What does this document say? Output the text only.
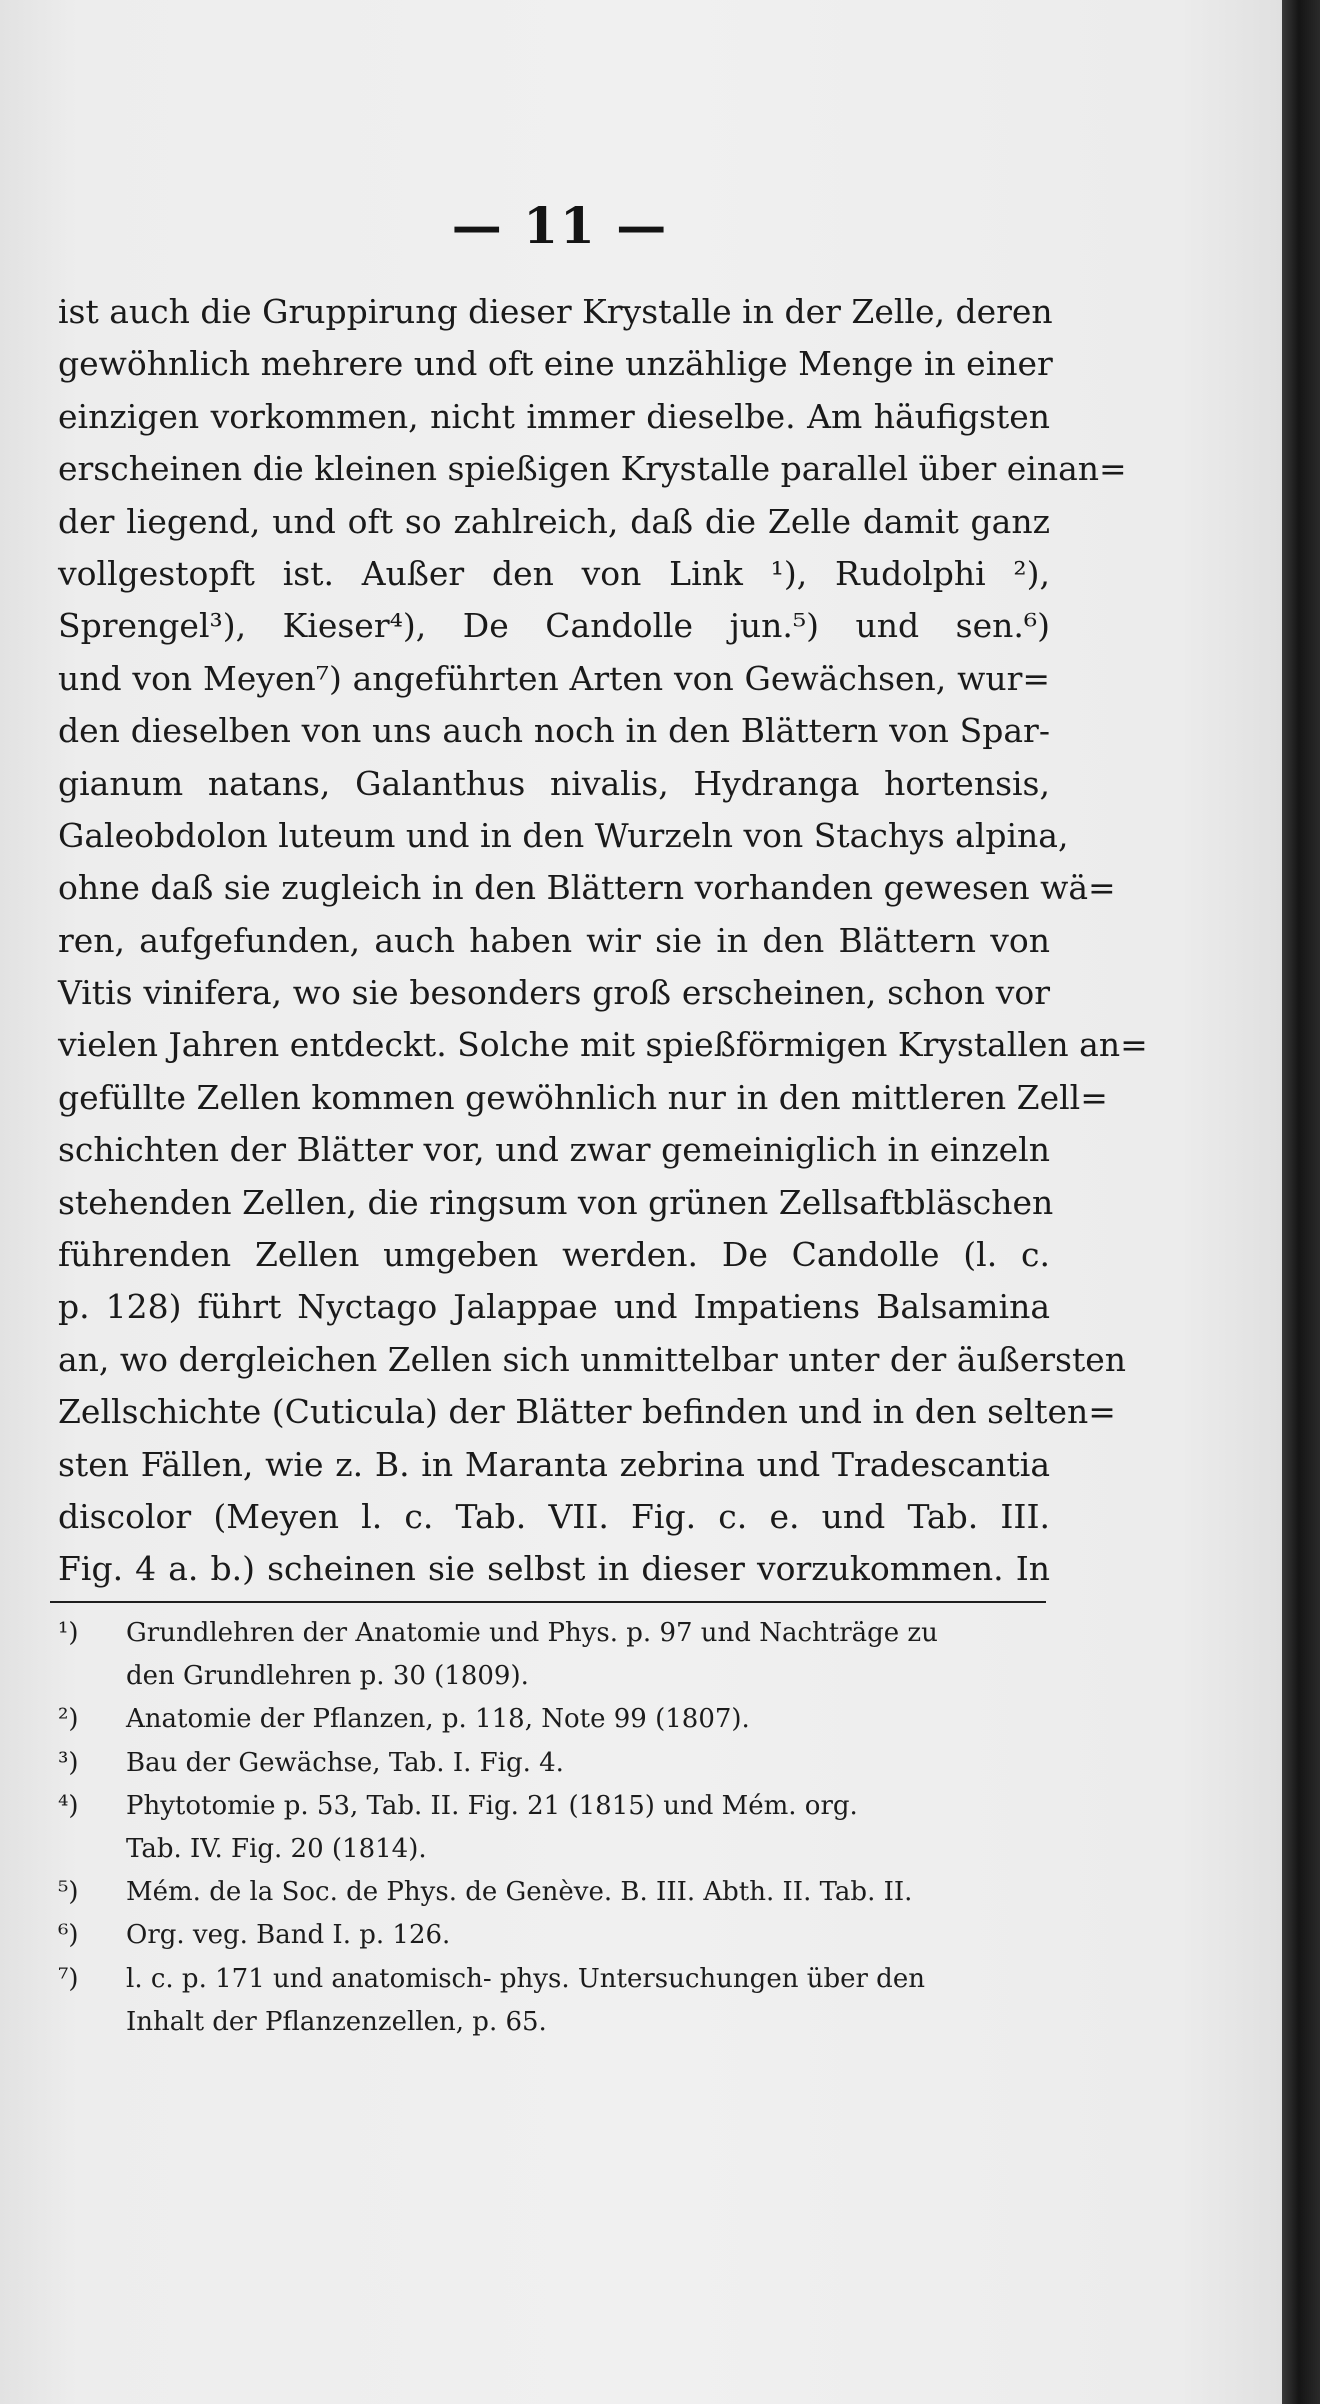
— 11 —
ist auch die Gruppirung dieser Krystalle in der Zelle, deren
gewöhnlich mehrere und oft eine unzählige Menge in einer
einzigen vorkommen, nicht immer dieselbe. Am häufigsten
erscheinen die kleinen spießigen Krystalle parallel über einan=
der liegend, und oft so zahlreich, daß die Zelle damit ganz
vollgestopft ist. Außer den von Link ¹), Rudolphi ²),
Sprengel³), Kieser⁴), De Candolle jun.⁵) und sen.⁶)
und von Meyen⁷) angeführten Arten von Gewächsen, wur=
den dieselben von uns auch noch in den Blättern von Spar-
gianum natans, Galanthus nivalis, Hydranga hortensis,
Galeobdolon luteum und in den Wurzeln von Stachys alpina,
ohne daß sie zugleich in den Blättern vorhanden gewesen wä=
ren, aufgefunden, auch haben wir sie in den Blättern von
Vitis vinifera, wo sie besonders groß erscheinen, schon vor
vielen Jahren entdeckt. Solche mit spießförmigen Krystallen an=
gefüllte Zellen kommen gewöhnlich nur in den mittleren Zell=
schichten der Blätter vor, und zwar gemeiniglich in einzeln
stehenden Zellen, die ringsum von grünen Zellsaftbläschen
führenden Zellen umgeben werden. De Candolle (l. c.
p. 128) führt Nyctago Jalappae und Impatiens Balsamina
an, wo dergleichen Zellen sich unmittelbar unter der äußersten
Zellschichte (Cuticula) der Blätter befinden und in den selten=
sten Fällen, wie z. B. in Maranta zebrina und Tradescantia
discolor (Meyen l. c. Tab. VII. Fig. c. e. und Tab. III.
Fig. 4 a. b.) scheinen sie selbst in dieser vorzukommen. In
¹) Grundlehren der Anatomie und Phys. p. 97 und Nachträge zu
den Grundlehren p. 30 (1809).
²) Anatomie der Pflanzen, p. 118, Note 99 (1807).
³) Bau der Gewächse, Tab. I. Fig. 4.
⁴) Phytotomie p. 53, Tab. II. Fig. 21 (1815) und Mém. org.
Tab. IV. Fig. 20 (1814).
⁵) Mém. de la Soc. de Phys. de Genève. B. III. Abth. II. Tab. II.
⁶) Org. veg. Band I. p. 126.
⁷) l. c. p. 171 und anatomisch- phys. Untersuchungen über den
Inhalt der Pflanzenzellen, p. 65.
